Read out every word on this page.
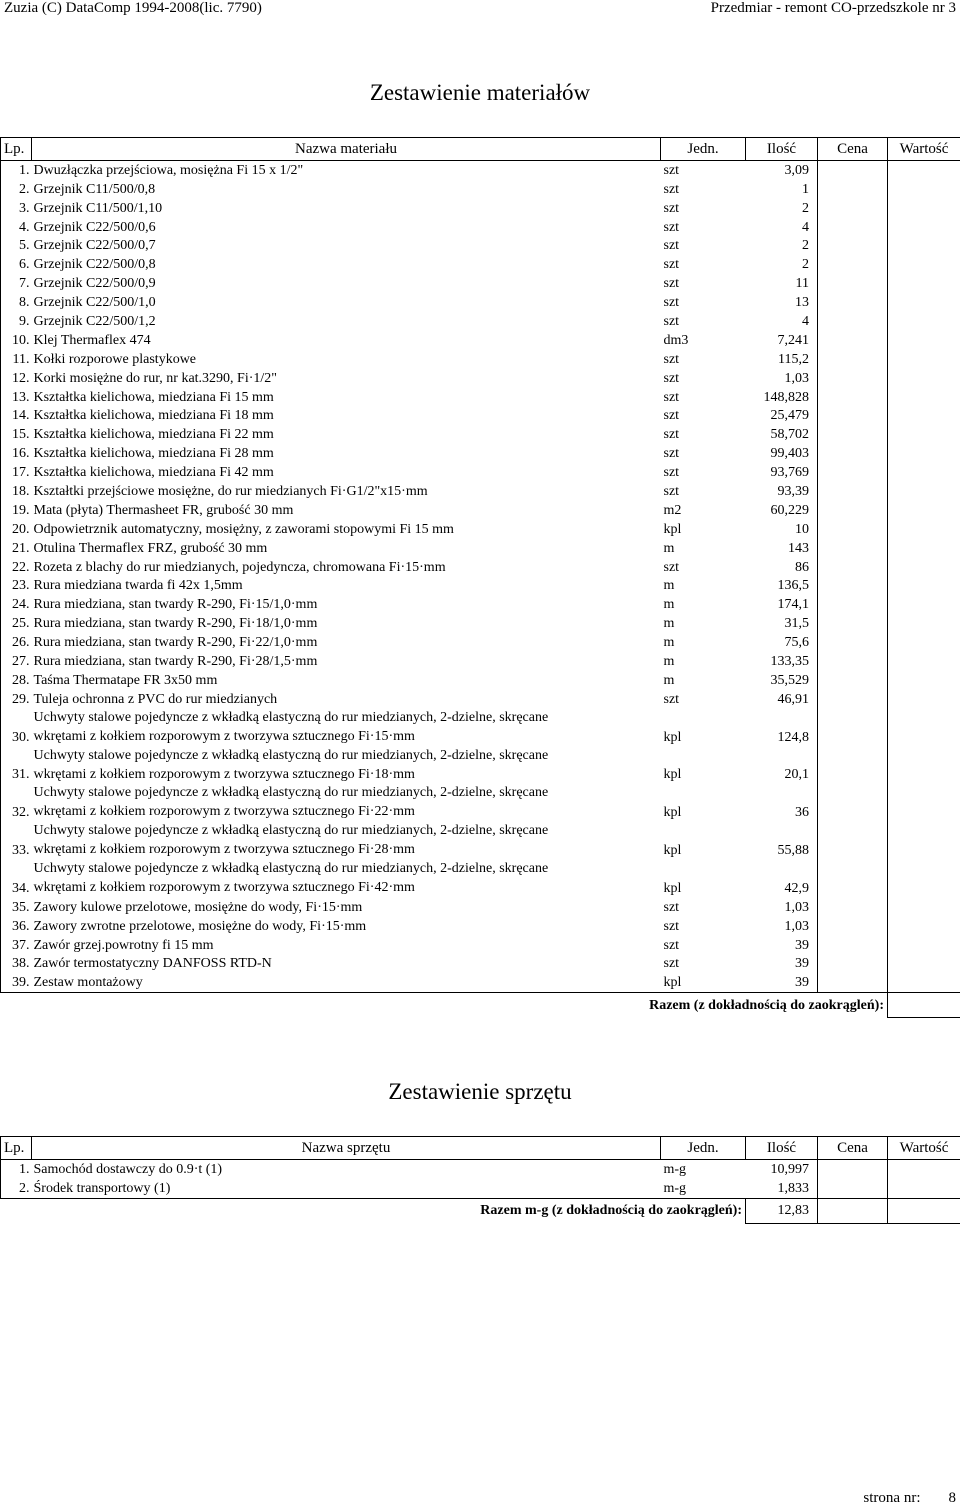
Zuzia (C) DataComp 1994-2008(lic. 7790)	Przedmiar - remont CO-przedszkole nr 3
Zestawienie materiałów
Lp.	Nazwa materiału	Jedn.	Ilość	Cena	Wartość
1.	Dwuzłączka przejściowa, mosiężna Fi 15 x 1/2"	szt	3,09		
2.	Grzejnik C11/500/0,8	szt	1		
3.	Grzejnik C11/500/1,10	szt	2		
4.	Grzejnik C22/500/0,6	szt	4		
5.	Grzejnik C22/500/0,7	szt	2		
6.	Grzejnik C22/500/0,8	szt	2		
7.	Grzejnik C22/500/0,9	szt	11		
8.	Grzejnik C22/500/1,0	szt	13		
9.	Grzejnik C22/500/1,2	szt	4		
10.	Klej Thermaflex 474	dm3	7,241		
11.	Kołki rozporowe plastykowe	szt	115,2		
12.	Korki mosiężne do rur, nr kat.3290, Fi·1/2"	szt	1,03		
13.	Kształtka kielichowa, miedziana Fi 15 mm	szt	148,828		
14.	Kształtka kielichowa, miedziana Fi 18 mm	szt	25,479		
15.	Kształtka kielichowa, miedziana Fi 22 mm	szt	58,702		
16.	Kształtka kielichowa, miedziana Fi 28 mm	szt	99,403		
17.	Kształtka kielichowa, miedziana Fi 42 mm	szt	93,769		
18.	Kształtki przejściowe mosiężne, do rur miedzianych Fi·G1/2"x15·mm	szt	93,39		
19.	Mata (płyta) Thermasheet FR, grubość 30 mm	m2	60,229		
20.	Odpowietrznik automatyczny, mosiężny, z zaworami stopowymi Fi 15 mm	kpl	10		
21.	Otulina Thermaflex FRZ, grubość 30 mm	m	143		
22.	Rozeta z blachy do rur miedzianych, pojedyncza, chromowana Fi·15·mm	szt	86		
23.	Rura miedziana twarda fi 42x 1,5mm	m	136,5		
24.	Rura miedziana, stan twardy R-290, Fi·15/1,0·mm	m	174,1		
25.	Rura miedziana, stan twardy R-290, Fi·18/1,0·mm	m	31,5		
26.	Rura miedziana, stan twardy R-290, Fi·22/1,0·mm	m	75,6		
27.	Rura miedziana, stan twardy R-290, Fi·28/1,5·mm	m	133,35		
28.	Taśma Thermatape FR 3x50 mm	m	35,529		
29.	Tuleja ochronna z PVC do rur miedzianych	szt	46,91		
30.	Uchwyty stalowe pojedyncze z wkładką elastyczną do rur miedzianych, 2-dzielne, skręcane
wkrętami z kołkiem rozporowym z tworzywa sztucznego Fi·15·mm	kpl	124,8		
31.	Uchwyty stalowe pojedyncze z wkładką elastyczną do rur miedzianych, 2-dzielne, skręcane
wkrętami z kołkiem rozporowym z tworzywa sztucznego Fi·18·mm	kpl	20,1		
32.	Uchwyty stalowe pojedyncze z wkładką elastyczną do rur miedzianych, 2-dzielne, skręcane
wkrętami z kołkiem rozporowym z tworzywa sztucznego Fi·22·mm	kpl	36		
33.	Uchwyty stalowe pojedyncze z wkładką elastyczną do rur miedzianych, 2-dzielne, skręcane
wkrętami z kołkiem rozporowym z tworzywa sztucznego Fi·28·mm	kpl	55,88		
34.	Uchwyty stalowe pojedyncze z wkładką elastyczną do rur miedzianych, 2-dzielne, skręcane
wkrętami z kołkiem rozporowym z tworzywa sztucznego Fi·42·mm	kpl	42,9		
35.	Zawory kulowe przelotowe, mosiężne do wody, Fi·15·mm	szt	1,03		
36.	Zawory zwrotne przelotowe, mosiężne do wody, Fi·15·mm	szt	1,03		
37.	Zawór grzej.powrotny fi 15 mm	szt	39		
38.	Zawór termostatyczny DANFOSS RTD-N	szt	39		
39.	Zestaw montażowy	kpl	39		
Razem (z dokładnością do zaokrągleń):					
Zestawienie sprzętu
Lp.	Nazwa sprzętu	Jedn.	Ilość	Cena	Wartość
1.	Samochód dostawczy do 0.9·t (1)	m-g	10,997		
2.	Środek transportowy (1)	m-g	1,833		
Razem m-g (z dokładnością do zaokrągleń):			12,83		
strona nr: 8
